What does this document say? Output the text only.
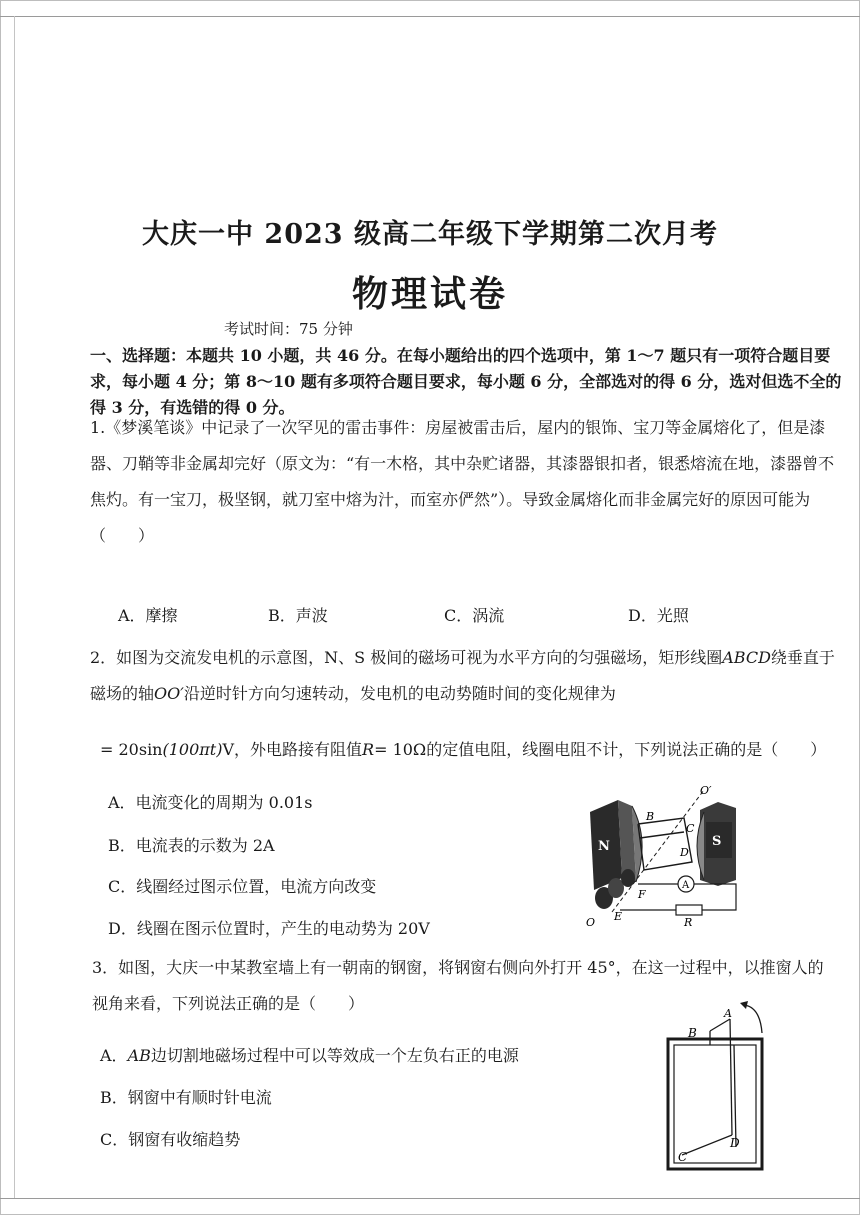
大庆一中 2023 级高二年级下学期第二次月考
物理试卷
考试时间：75 分钟
一、选择题：本题共 10 小题，共 46 分。在每小题给出的四个选项中，第 1～7 题只有一项符合题目要求，每小题 4 分；第 8～10 题有多项符合题目要求，每小题 6 分，全部选对的得 6 分，选对但选不全的得 3 分，有选错的得 0 分。
1.《梦溪笔谈》中记录了一次罕见的雷击事件：房屋被雷击后，屋内的银饰、宝刀等金属熔化了，但是漆器、刀鞘等非金属却完好（原文为：“有一木格，其中杂贮诸器，其漆器银扣者，银悉熔流在地，漆器曾不焦灼。有一宝刀，极坚钢，就刀室中熔为汁，而室亦俨然”）。导致金属熔化而非金属完好的原因可能为（　　）
A．摩擦	B．声波	C．涡流	D．光照
2．如图为交流发电机的示意图，N、S 极间的磁场可视为水平方向的匀强磁场，矩形线圈ABCD绕垂直于磁场的轴OO′沿逆时针方向匀速转动，发电机的电动势随时间的变化规律为
= 20sin(100πt)V，外电路接有阻值R= 10Ω的定值电阻，线圈电阻不计，下列说法正确的是（　　）
A．电流变化的周期为 0.01s
B．电流表的示数为 2A
C．线圈经过图示位置，电流方向改变
D．线圈在图示位置时，产生的电动势为 20V
N	S
A
R
O′
O
B
C
D
E
F
3．如图，大庆一中某教室墙上有一朝南的钢窗，将钢窗右侧向外打开 45°，在这一过程中，以推窗人的视角来看，下列说法正确的是（　　）
A．AB边切割地磁场过程中可以等效成一个左负右正的电源
B．钢窗中有顺时针电流
C．钢窗有收缩趋势
B
A
C
D
